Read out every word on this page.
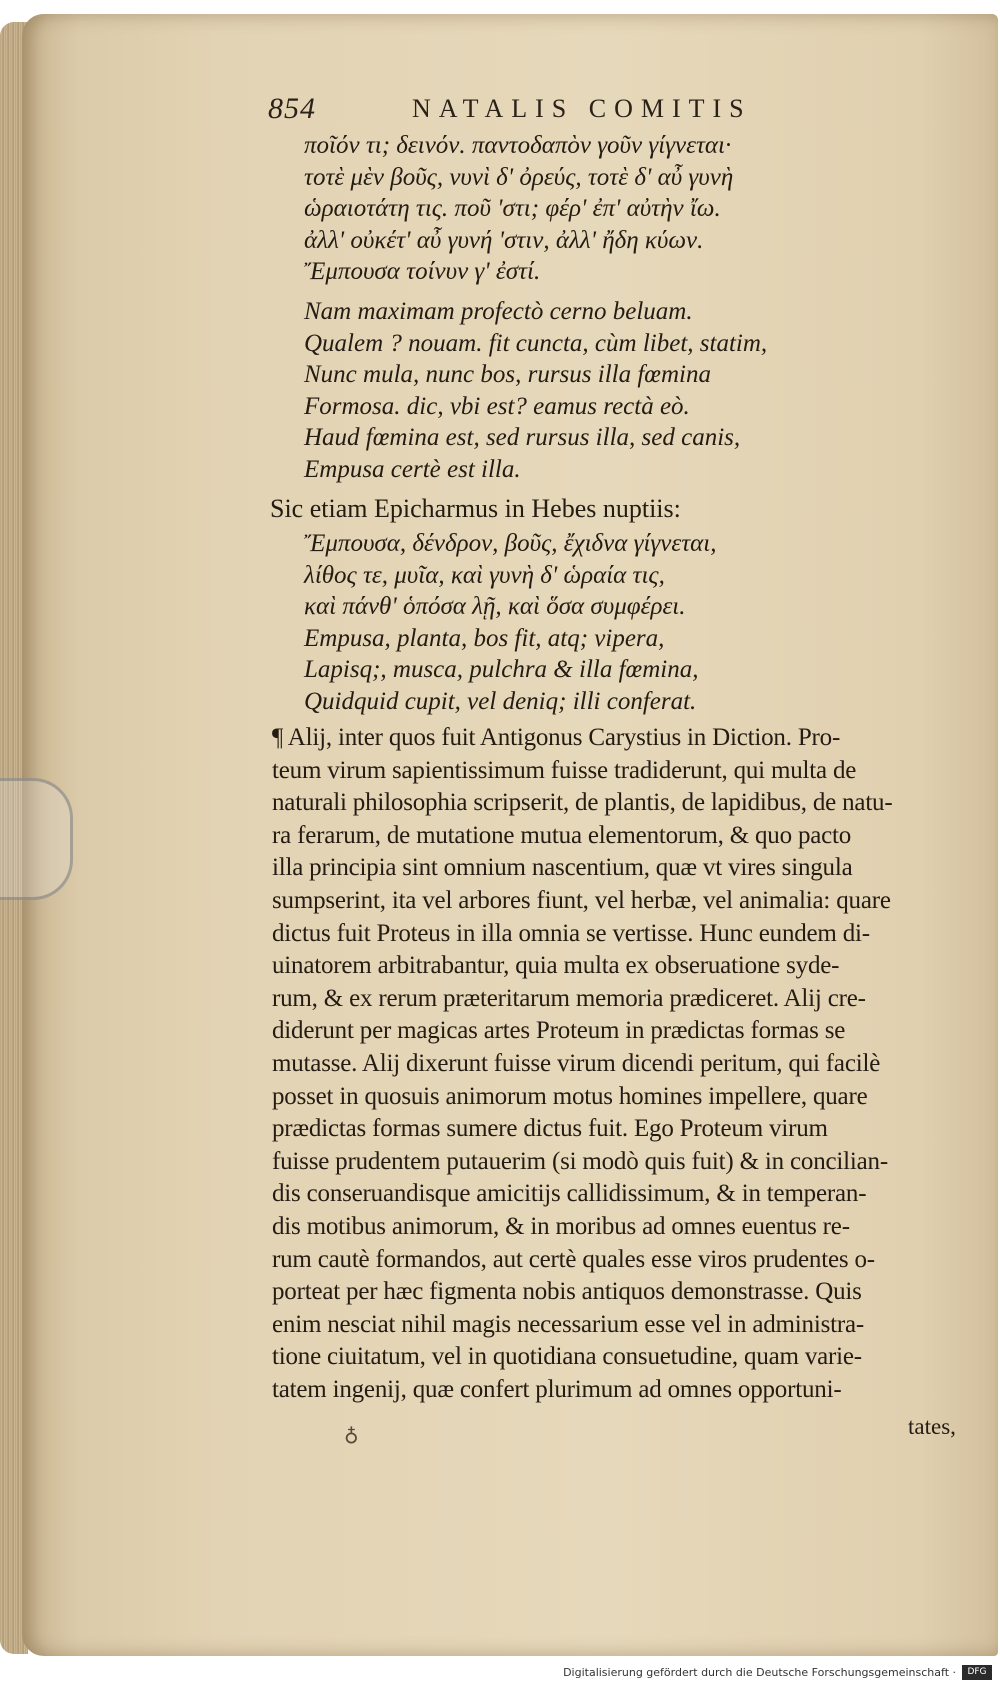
854	NATALIS COMITIS
ποῖόν τι; δεινόν. παντοδαπὸν γοῦν γίγνεται·
τοτὲ μὲν βοῦς, νυνὶ δ' ὀρεύς, τοτὲ δ' αὖ γυνὴ
ὡραιοτάτη τις. ποῦ 'στι; φέρ' ἐπ' αὐτὴν ἴω.
ἀλλ' οὐκέτ' αὖ γυνή 'στιν, ἀλλ' ἤδη κύων.
Ἔμπουσα τοίνυν γ' ἐστί.
Nam maximam profectò cerno beluam.
Qualem ? nouam. fit cuncta, cùm libet, statim,
Nunc mula, nunc bos, rursus illa fœmina
Formosa. dic, vbi est? eamus rectà eò.
Haud fœmina est, sed rursus illa, sed canis,
Empusa certè est illa.
Sic etiam Epicharmus in Hebes nuptiis:
Ἔμπουσα, δένδρον, βοῦς, ἔχιδνα γίγνεται,
λίθος τε, μυῖα, καὶ γυνὴ δ' ὡραία τις,
καὶ πάνθ' ὁπόσα λῇ, καὶ ὅσα συμφέρει.
Empusa, planta, bos fit, atq; vipera,
Lapisq;, musca, pulchra & illa fœmina,
Quidquid cupit, vel deniq; illi conferat.
¶ Alij, inter quos fuit Antigonus Carystius in Diction. Pro-
teum virum sapientissimum fuisse tradiderunt, qui multa de
naturali philosophia scripserit, de plantis, de lapidibus, de natu-
ra ferarum, de mutatione mutua elementorum, & quo pacto
illa principia sint omnium nascentium, quæ vt vires singula
sumpserint, ita vel arbores fiunt, vel herbæ, vel animalia: quare
dictus fuit Proteus in illa omnia se vertisse. Hunc eundem di-
uinatorem arbitrabantur, quia multa ex obseruatione syde-
rum, & ex rerum præteritarum memoria prædiceret. Alij cre-
diderunt per magicas artes Proteum in prædictas formas se
mutasse. Alij dixerunt fuisse virum dicendi peritum, qui facilè
posset in quosuis animorum motus homines impellere, quare
prædictas formas sumere dictus fuit. Ego Proteum virum
fuisse prudentem putauerim (si modò quis fuit) & in concilian-
dis conseruandisque amicitijs callidissimum, & in temperan-
dis motibus animorum, & in moribus ad omnes euentus re-
rum cautè formandos, aut certè quales esse viros prudentes o-
porteat per hæc figmenta nobis antiquos demonstrasse. Quis
enim nesciat nihil magis necessarium esse vel in administra-
tione ciuitatum, vel in quotidiana consuetudine, quam varie-
tatem ingenij, quæ confert plurimum ad omnes opportuni-
♁	tates,
Digitalisierung gefördert durch die Deutsche Forschungsgemeinschaft ·	DFG
